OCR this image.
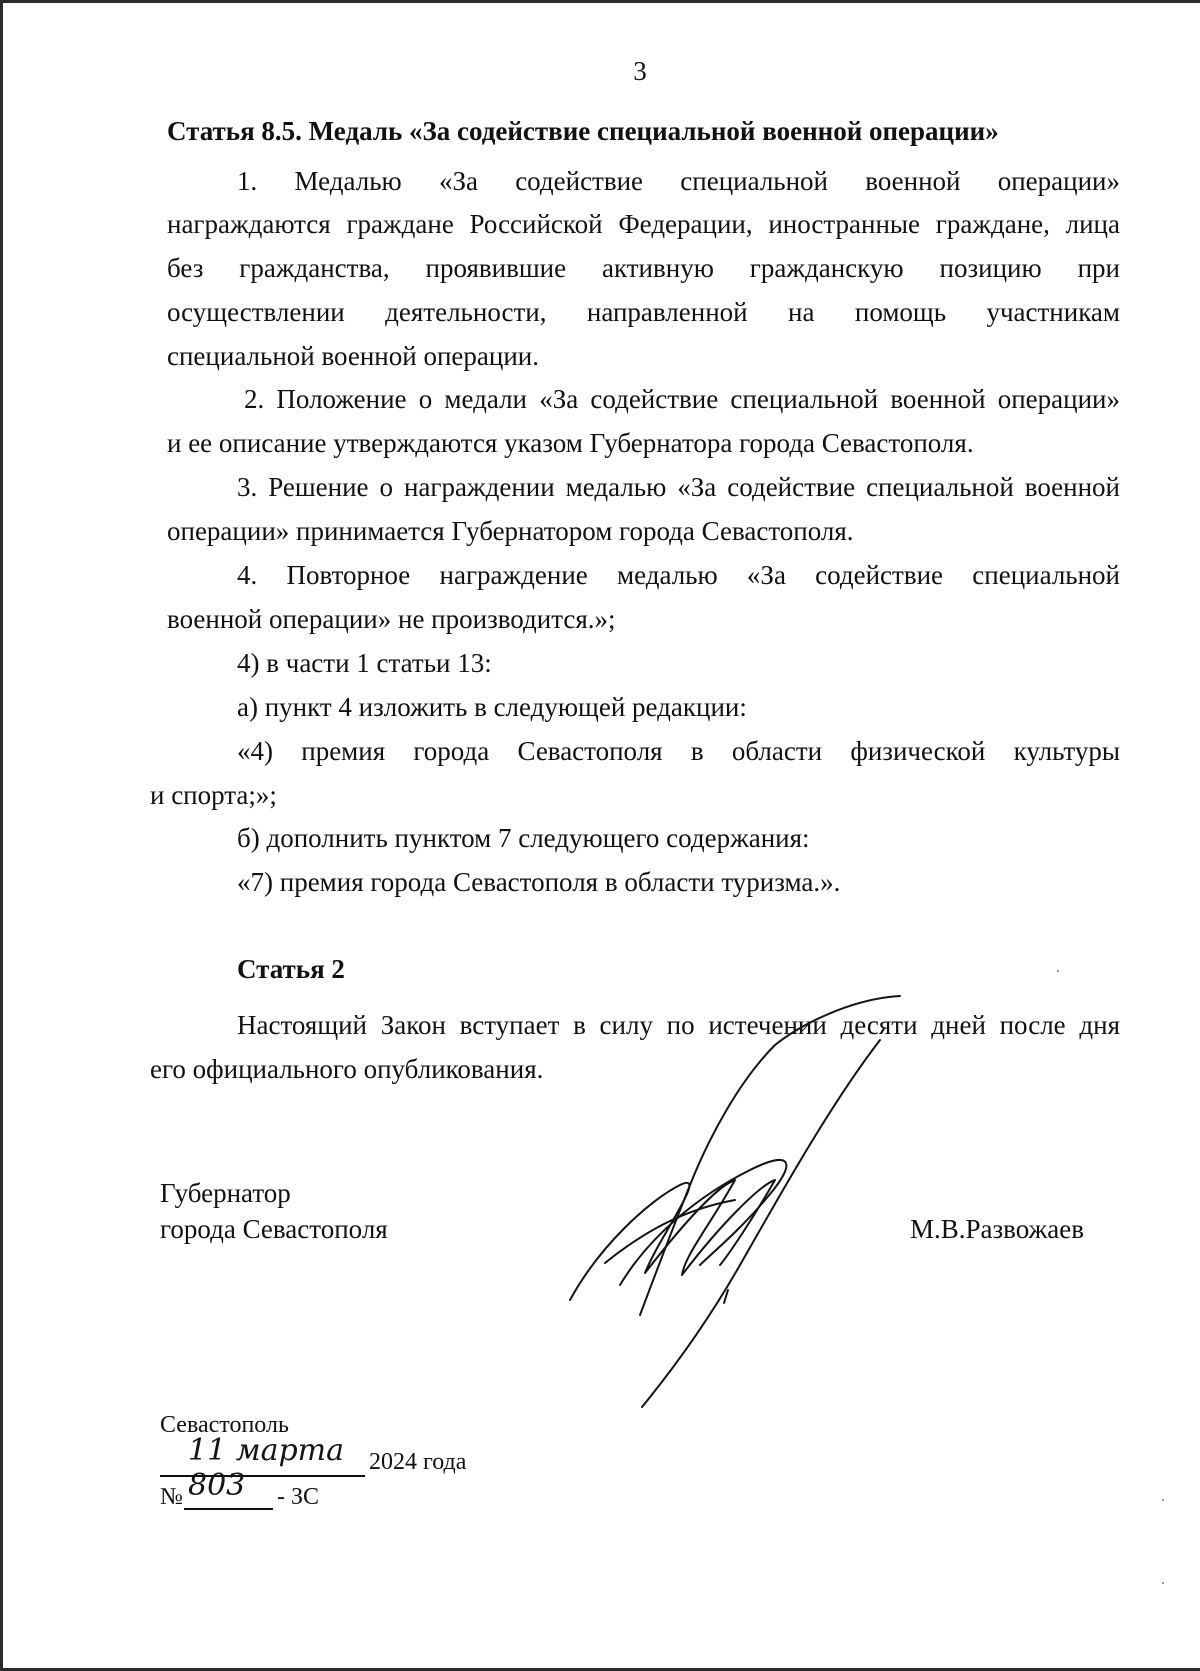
3
Статья 8.5. Медаль «За содействие специальной военной операции»
1. Медалью «За содействие специальной военной операции»
награждаются граждане Российской Федерации, иностранные граждане, лица
без гражданства, проявившие активную гражданскую позицию при
осуществлении деятельности, направленной на помощь участникам
специальной военной операции.
2. Положение о медали «За содействие специальной военной операции»
и ее описание утверждаются указом Губернатора города Севастополя.
3. Решение о награждении медалью «За содействие специальной военной
операции» принимается Губернатором города Севастополя.
4. Повторное награждение медалью «За содействие специальной
военной операции» не производится.»;
4) в части 1 статьи 13:
а) пункт 4 изложить в следующей редакции:
«4) премия города Севастополя в области физической культуры
и спорта;»;
б) дополнить пунктом 7 следующего содержания:
«7) премия города Севастополя в области туризма.».
Статья 2
Настоящий Закон вступает в силу по истечении десяти дней после дня
его официального опубликования.
Губернатор
города Севастополя	М.В.Развожаев
Севастополь
11 марта 2024 года
№ 803 - ЗС
